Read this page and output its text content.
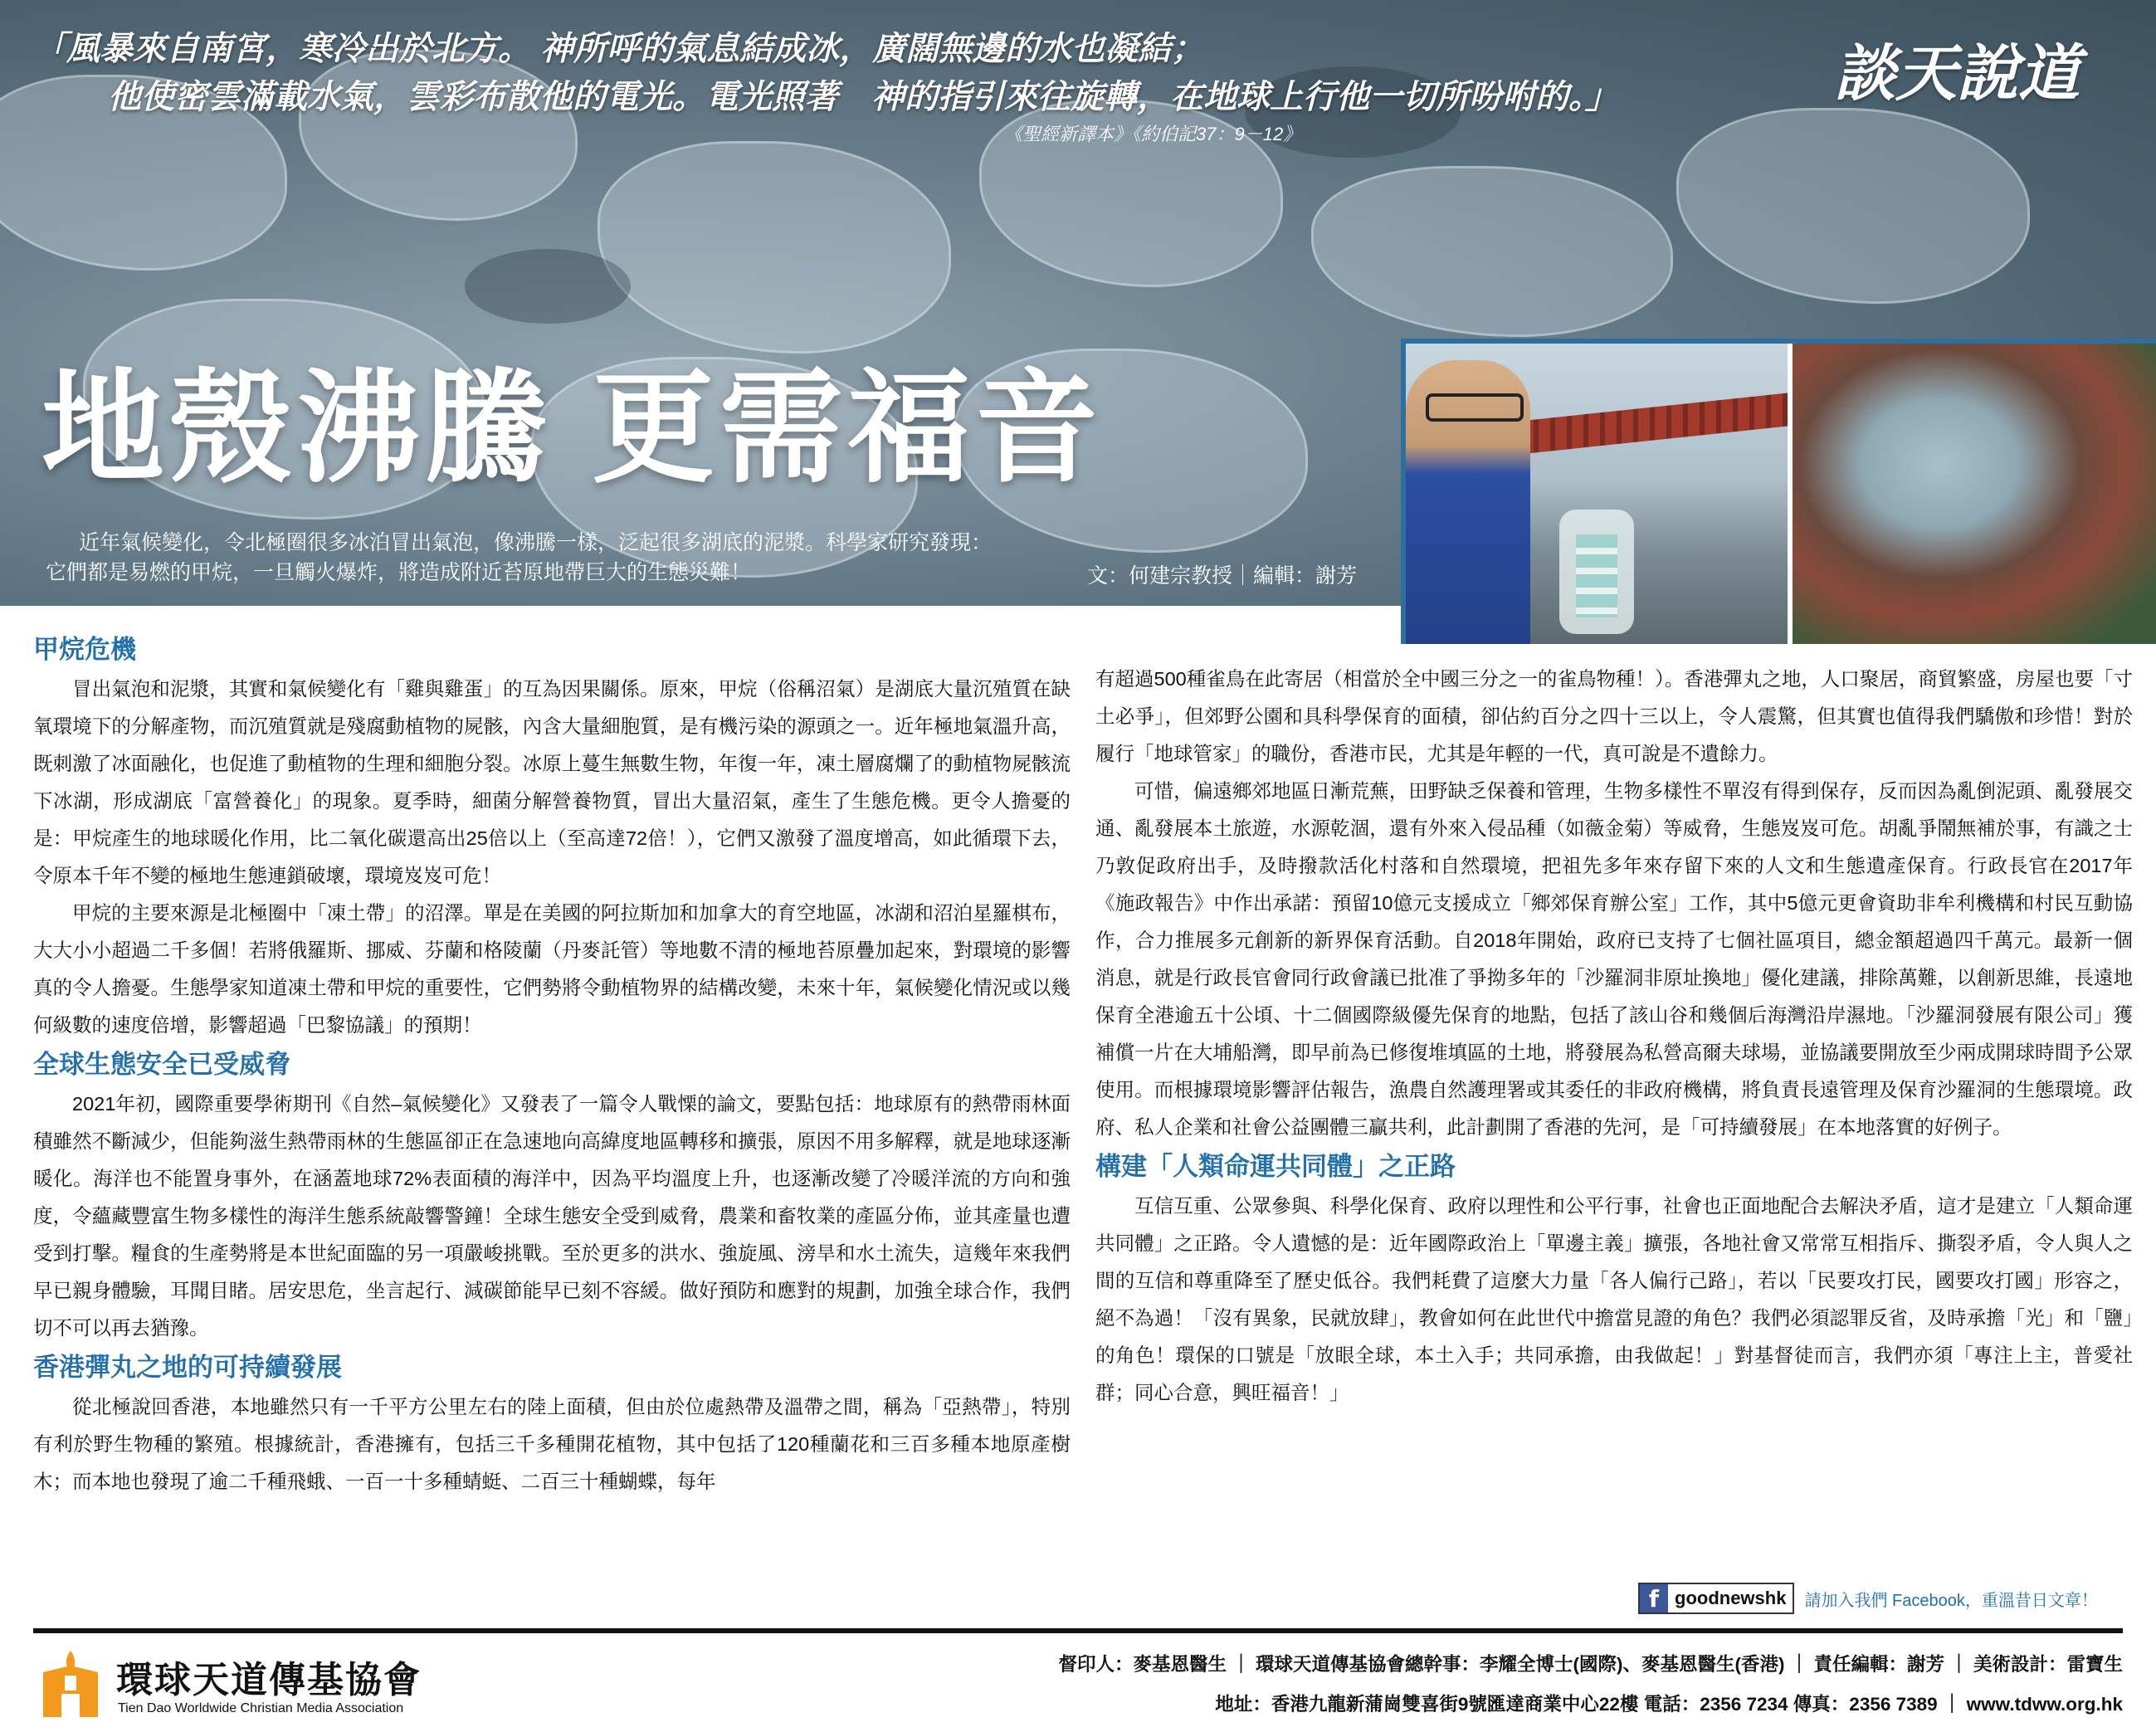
「風暴來自南宮，寒冷出於北方。 神所呼的氣息結成冰，廣闊無邊的水也凝結；
他使密雲滿載水氣，雲彩布散他的電光。電光照著　神的指引來往旋轉，在地球上行他一切所吩咐的。」
《聖經新譯本》《約伯記37：9－12》
談天說道
地殼沸騰 更需福音

近年氣候變化，令北極圈很多冰泊冒出氣泡，像沸騰一樣，泛起很多湖底的泥漿。科學家研究發現：

它們都是易燃的甲烷，一旦觸火爆炸，將造成附近苔原地帶巨大的生態災難！	文：何建宗教授｜編輯：謝芳
甲烷危機

冒出氣泡和泥漿，其實和氣候變化有「雞與雞蛋」的互為因果關係。原來，甲烷（俗稱沼氣）是湖底大量沉殖質在缺氧環境下的分解產物，而沉殖質就是殘腐動植物的屍骸，內含大量細胞質，是有機污染的源頭之一。近年極地氣溫升高，既刺激了冰面融化，也促進了動植物的生理和細胞分裂。冰原上蔓生無數生物，年復一年，凍土層腐爛了的動植物屍骸流下冰湖，形成湖底「富營養化」的現象。夏季時，細菌分解營養物質，冒出大量沼氣，產生了生態危機。更令人擔憂的是：甲烷產生的地球暖化作用，比二氧化碳還高出25倍以上（至高達72倍！），它們又激發了溫度增高，如此循環下去，令原本千年不變的極地生態連鎖破壞，環境岌岌可危！

甲烷的主要來源是北極圈中「凍土帶」的沼澤。單是在美國的阿拉斯加和加拿大的育空地區，冰湖和沼泊星羅棋布，大大小小超過二千多個！若將俄羅斯、挪威、芬蘭和格陵蘭（丹麥託管）等地數不清的極地苔原疊加起來，對環境的影響真的令人擔憂。生態學家知道凍土帶和甲烷的重要性，它們勢將令動植物界的結構改變，未來十年，氣候變化情況或以幾何級數的速度倍增，影響超過「巴黎協議」的預期！

全球生態安全已受威脅

2021年初，國際重要學術期刊《自然–氣候變化》又發表了一篇令人戰慄的論文，要點包括：地球原有的熱帶雨林面積雖然不斷減少，但能夠滋生熱帶雨林的生態區卻正在急速地向高緯度地區轉移和擴張，原因不用多解釋，就是地球逐漸暖化。海洋也不能置身事外，在涵蓋地球72%表面積的海洋中，因為平均溫度上升，也逐漸改變了冷暖洋流的方向和強度，令蘊藏豐富生物多樣性的海洋生態系統敲響警鐘！全球生態安全受到威脅，農業和畜牧業的產區分佈，並其產量也遭受到打擊。糧食的生產勢將是本世紀面臨的另一項嚴峻挑戰。至於更多的洪水、強旋風、滂旱和水土流失，這幾年來我們早已親身體驗，耳聞目睹。居安思危，坐言起行、減碳節能早已刻不容緩。做好預防和應對的規劃，加強全球合作，我們切不可以再去猶豫。

香港彈丸之地的可持續發展

從北極說回香港，本地雖然只有一千平方公里左右的陸上面積，但由於位處熱帶及溫帶之間，稱為「亞熱帶」，特別有利於野生物種的繁殖。根據統計，香港擁有，包括三千多種開花植物，其中包括了120種蘭花和三百多種本地原產樹木；而本地也發現了逾二千種飛蛾、一百一十多種蜻蜓、二百三十種蝴蝶，每年

有超過500種雀鳥在此寄居（相當於全中國三分之一的雀鳥物種！）。香港彈丸之地，人口聚居，商貿繁盛，房屋也要「寸土必爭」，但郊野公園和具科學保育的面積，卻佔約百分之四十三以上，令人震驚，但其實也值得我們驕傲和珍惜！對於履行「地球管家」的職份，香港市民，尤其是年輕的一代，真可說是不遺餘力。

可惜，偏遠鄉郊地區日漸荒蕪，田野缺乏保養和管理，生物多樣性不單沒有得到保存，反而因為亂倒泥頭、亂發展交通、亂發展本土旅遊，水源乾涸，還有外來入侵品種（如薇金菊）等威脅，生態岌岌可危。胡亂爭鬧無補於事，有識之士乃敦促政府出手，及時撥款活化村落和自然環境，把祖先多年來存留下來的人文和生態遺產保育。行政長官在2017年《施政報告》中作出承諾：預留10億元支援成立「鄉郊保育辦公室」工作，其中5億元更會資助非牟利機構和村民互動協作，合力推展多元創新的新界保育活動。自2018年開始，政府已支持了七個社區項目，總金額超過四千萬元。最新一個消息，就是行政長官會同行政會議已批准了爭拗多年的「沙羅洞非原址換地」優化建議，排除萬難，以創新思維，長遠地保育全港逾五十公頃、十二個國際級優先保育的地點，包括了該山谷和幾個后海灣沿岸濕地。「沙羅洞發展有限公司」獲補償一片在大埔船灣，即早前為已修復堆填區的土地，將發展為私營高爾夫球場，並協議要開放至少兩成開球時間予公眾使用。而根據環境影響評估報告，漁農自然護理署或其委任的非政府機構，將負責長遠管理及保育沙羅洞的生態環境。政府、私人企業和社會公益團體三贏共利，此計劃開了香港的先河，是「可持續發展」在本地落實的好例子。

構建「人類命運共同體」之正路

互信互重、公眾參與、科學化保育、政府以理性和公平行事，社會也正面地配合去解決矛盾，這才是建立「人類命運共同體」之正路。令人遺憾的是：近年國際政治上「單邊主義」擴張，各地社會又常常互相指斥、撕裂矛盾，令人與人之間的互信和尊重降至了歷史低谷。我們耗費了這麼大力量「各人偏行己路」，若以「民要攻打民，國要攻打國」形容之，絕不為過！「沒有異象，民就放肆」，教會如何在此世代中擔當見證的角色？我們必須認罪反省，及時承擔「光」和「鹽」的角色！環保的口號是「放眼全球，本土入手；共同承擔，由我做起！」對基督徒而言，我們亦須「專注上主，普愛社群；同心合意，興旺福音！」

f goodnewshk	請加入我們 Facebook，重溫昔日文章！
環球天道傳基協會
Tien Dao Worldwide Christian Media Association
督印人：麥基恩醫生 ｜ 環球天道傳基協會總幹事：李耀全博士(國際)、麥基恩醫生(香港) ｜ 責任編輯：謝芳 ｜ 美術設計：雷寶生
地址：香港九龍新蒲崗雙喜街9號匯達商業中心22樓 電話：2356 7234 傳真：2356 7389 ｜ www.tdww.org.hk
